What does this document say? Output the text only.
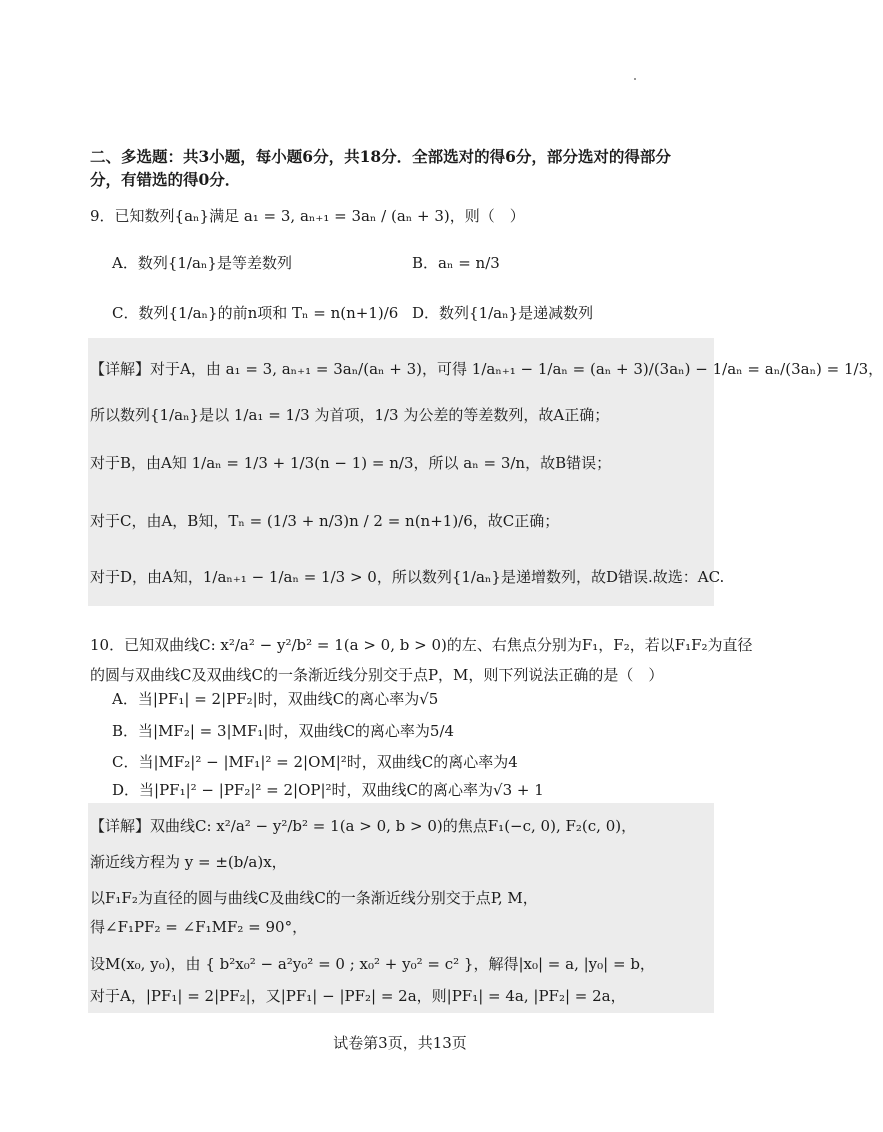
二、多选题：共3小题，每小题6分，共18分．全部选对的得6分，部分选对的得部分
分，有错选的得0分．
9．已知数列{aₙ}满足 a₁ = 3, aₙ₊₁ = 3aₙ / (aₙ + 3)，则（　）
A．数列{1/aₙ}是等差数列	B．aₙ = n/3
C．数列{1/aₙ}的前n项和 Tₙ = n(n+1)/6 D．数列{1/aₙ}是递减数列
【详解】对于A，由 a₁ = 3, aₙ₊₁ = 3aₙ/(aₙ + 3)，可得 1/aₙ₊₁ − 1/aₙ = (aₙ + 3)/(3aₙ) − 1/aₙ = aₙ/(3aₙ) = 1/3，
所以数列{1/aₙ}是以 1/a₁ = 1/3 为首项，1/3 为公差的等差数列，故A正确；
对于B，由A知 1/aₙ = 1/3 + 1/3(n − 1) = n/3，所以 aₙ = 3/n，故B错误；
对于C，由A，B知，Tₙ = (1/3 + n/3)n / 2 = n(n+1)/6，故C正确；
对于D，由A知，1/aₙ₊₁ − 1/aₙ = 1/3 > 0，所以数列{1/aₙ}是递增数列，故D错误.故选：AC.
10．已知双曲线C: x²/a² − y²/b² = 1(a > 0, b > 0)的左、右焦点分别为F₁，F₂，若以F₁F₂为直径
的圆与双曲线C及双曲线C的一条渐近线分别交于点P，M，则下列说法正确的是（　）
A．当|PF₁| = 2|PF₂|时，双曲线C的离心率为√5
B．当|MF₂| = 3|MF₁|时，双曲线C的离心率为5/4
C．当|MF₂|² − |MF₁|² = 2|OM|²时，双曲线C的离心率为4
D．当|PF₁|² − |PF₂|² = 2|OP|²时，双曲线C的离心率为√3 + 1
【详解】双曲线C: x²/a² − y²/b² = 1(a > 0, b > 0)的焦点F₁(−c, 0), F₂(c, 0)，
渐近线方程为 y = ±(b/a)x，
以F₁F₂为直径的圆与曲线C及曲线C的一条渐近线分别交于点P, M，
得∠F₁PF₂ = ∠F₁MF₂ = 90°，
设M(x₀, y₀)，由 { b²x₀² − a²y₀² = 0 ; x₀² + y₀² = c² }，解得|x₀| = a, |y₀| = b，
对于A，|PF₁| = 2|PF₂|，又|PF₁| − |PF₂| = 2a，则|PF₁| = 4a, |PF₂| = 2a，
试卷第3页，共13页
